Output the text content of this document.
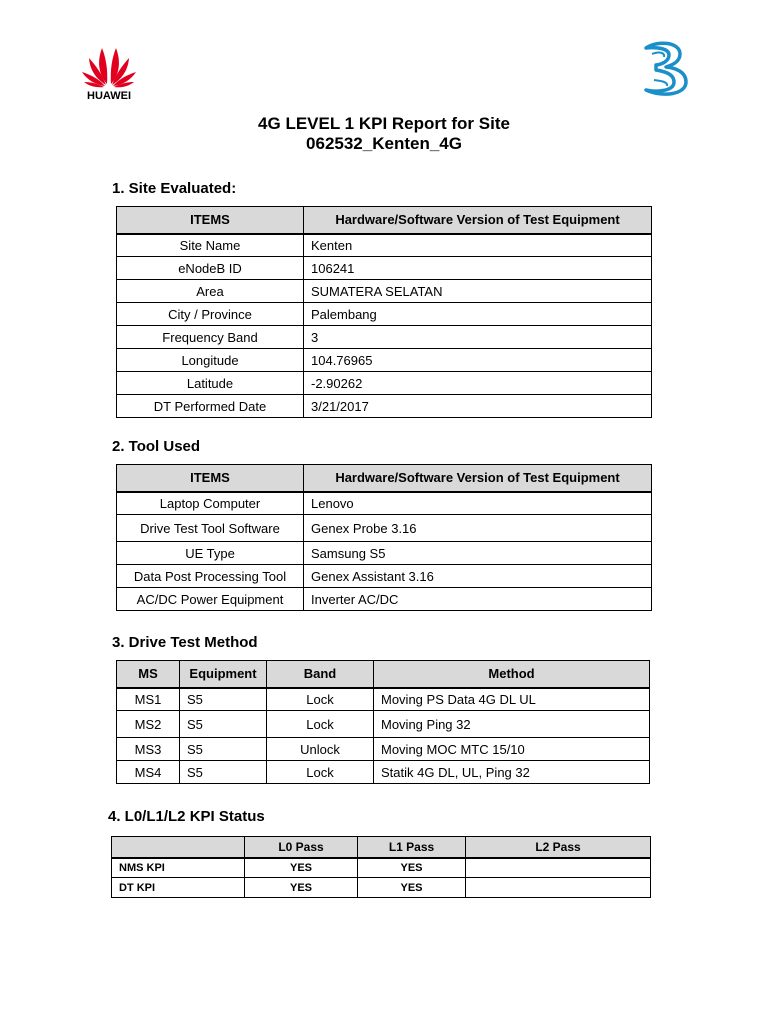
HUAWEI
4G LEVEL 1 KPI Report for Site
062532_Kenten_4G
1. Site Evaluated:
ITEMS	Hardware/Software Version of Test Equipment
Site Name	Kenten
eNodeB ID	106241
Area	SUMATERA SELATAN
City / Province	Palembang
Frequency Band	3
Longitude	104.76965
Latitude	-2.90262
DT Performed Date	3/21/2017
2. Tool Used
ITEMS	Hardware/Software Version of Test Equipment
Laptop Computer	Lenovo
Drive Test Tool Software	Genex Probe 3.16
UE Type	Samsung S5
Data Post Processing Tool	Genex Assistant 3.16
AC/DC Power Equipment	Inverter AC/DC
3. Drive Test Method
MS	Equipment	Band	Method
MS1	S5	Lock	Moving PS Data 4G DL UL
MS2	S5	Lock	Moving Ping 32
MS3	S5	Unlock	Moving MOC MTC 15/10
MS4	S5	Lock	Statik 4G DL, UL, Ping 32
4. L0/L1/L2 KPI Status
	L0 Pass	L1 Pass	L2 Pass
NMS KPI	YES	YES	
DT KPI	YES	YES	
